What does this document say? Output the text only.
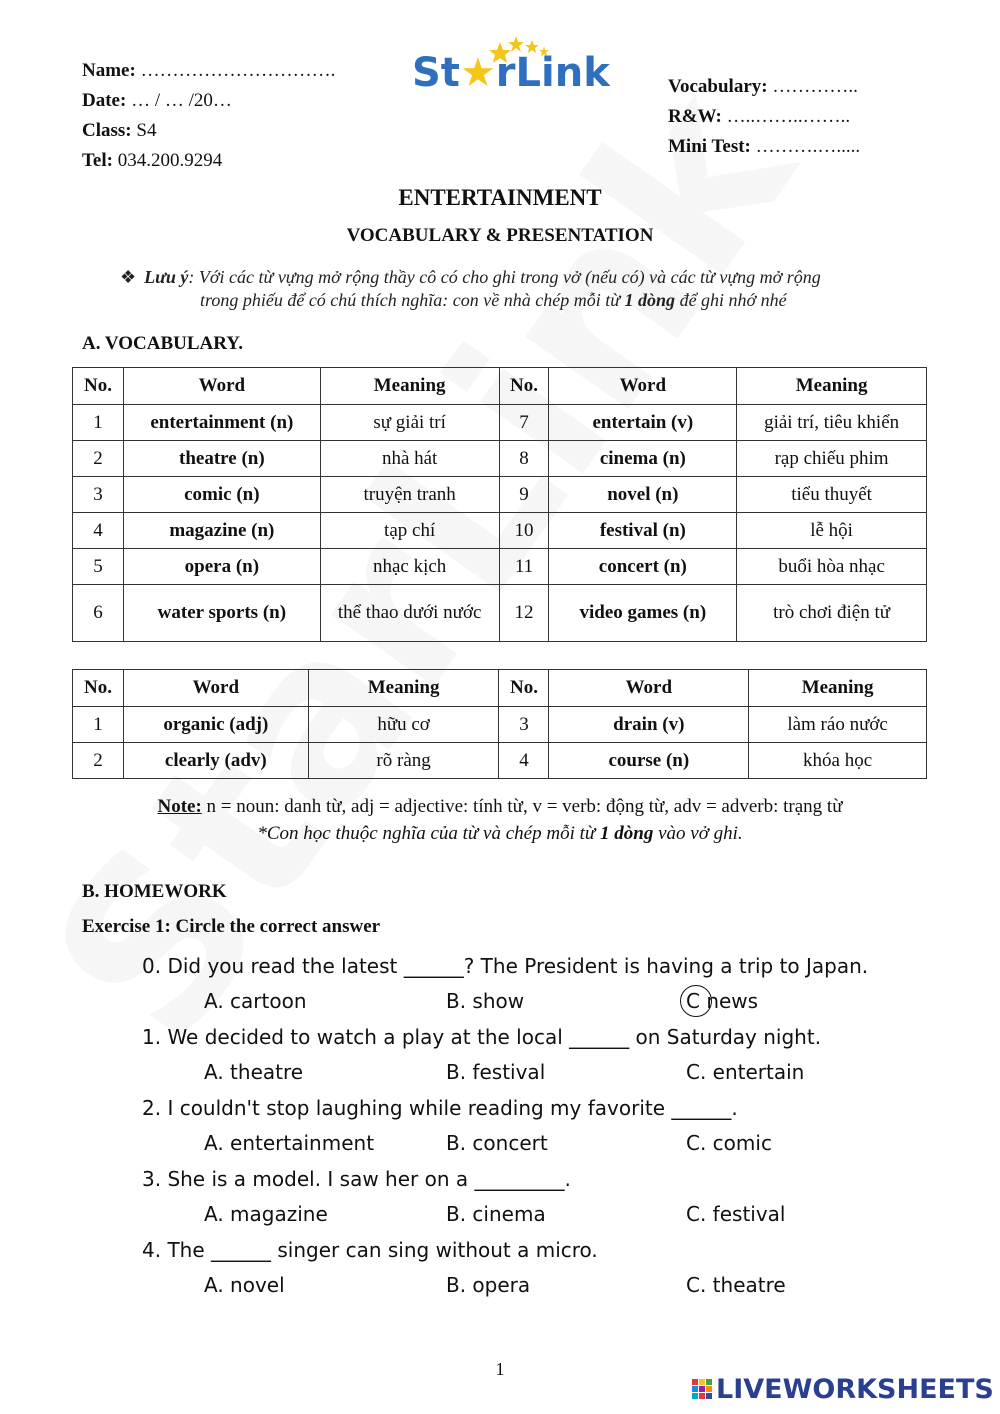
Name: ………………………….
Date: … / … /20…
Class: S4
Tel: 034.200.9294
St★rLink	Vocabulary: …………..
R&W: …..……..……..
Mini Test: ……….….....
ENTERTAINMENT
VOCABULARY & PRESENTATION
❖ Lưu ý: Với các từ vựng mở rộng thầy cô có cho ghi trong vở (nếu có) và các từ vựng mở rộng
trong phiếu để có chú thích nghĩa: con về nhà chép mỗi từ 1 dòng để ghi nhớ nhé
A. VOCABULARY.
No.	Word	Meaning	No.	Word	Meaning
1	entertainment (n)	sự giải trí	7	entertain (v)	giải trí, tiêu khiển
2	theatre (n)	nhà hát	8	cinema (n)	rạp chiếu phim
3	comic (n)	truyện tranh	9	novel (n)	tiểu thuyết
4	magazine (n)	tạp chí	10	festival (n)	lễ hội
5	opera (n)	nhạc kịch	11	concert (n)	buổi hòa nhạc
6	water sports (n)	thể thao dưới nước	12	video games (n)	trò chơi điện tử
No.	Word	Meaning	No.	Word	Meaning
1	organic (adj)	hữu cơ	3	drain (v)	làm ráo nước
2	clearly (adv)	rõ ràng	4	course (n)	khóa học
Note: n = noun: danh từ, adj = adjective: tính từ, v = verb: động từ, adv = adverb: trạng từ
*Con học thuộc nghĩa của từ và chép mỗi từ 1 dòng vào vở ghi.
B. HOMEWORK
Exercise 1: Circle the correct answer
0. Did you read the latest ______? The President is having a trip to Japan.
A. cartoon	B. show	C news
1. We decided to watch a play at the local ______ on Saturday night.
A. theatre	B. festival	C. entertain
2. I couldn't stop laughing while reading my favorite ______.
A. entertainment	B. concert	C. comic
3. She is a model. I saw her on a _________.
A. magazine	B. cinema	C. festival
4. The ______ singer can sing without a micro.
A. novel	B. opera	C. theatre
1
LIVEWORKSHEETS
